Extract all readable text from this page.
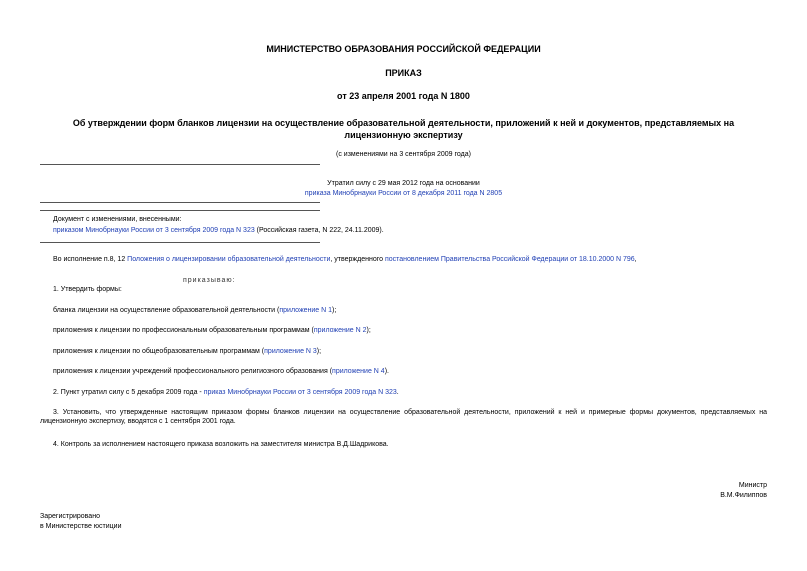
МИНИСТЕРСТВО ОБРАЗОВАНИЯ РОССИЙСКОЙ ФЕДЕРАЦИИ
ПРИКАЗ
от 23 апреля 2001 года N 1800
Об утверждении форм бланков лицензии на осуществление образовательной деятельности, приложений к ней и документов, представляемых на лицензионную экспертизу
(с изменениями на 3 сентября 2009 года)
Утратил силу с 29 мая 2012 года на основании
приказа Минобрнауки России от 8 декабря 2011 года N 2805
Документ с изменениями, внесенными:
приказом Минобрнауки России от 3 сентября 2009 года N 323 (Российская газета, N 222, 24.11.2009).
Во исполнение п.8, 12 Положения о лицензировании образовательной деятельности, утвержденного постановлением Правительства Российской Федерации от 18.10.2000 N 796,
приказываю:
1. Утвердить формы:
бланка лицензии на осуществление образовательной деятельности (приложение N 1);
приложения к лицензии по профессиональным образовательным программам (приложение N 2);
приложения к лицензии по общеобразовательным программам (приложение N 3);
приложения к лицензии учреждений профессионального религиозного образования (приложение N 4).
2. Пункт утратил силу с 5 декабря 2009 года - приказ Минобрнауки России от 3 сентября 2009 года N 323.
3. Установить, что утвержденные настоящим приказом формы бланков лицензии на осуществление образовательной деятельности, приложений к ней и примерные формы документов, представляемых на лицензионную экспертизу, вводятся с 1 сентября 2001 года.
4. Контроль за исполнением настоящего приказа возложить на заместителя министра В.Д.Шадрикова.
Министр
В.М.Филиппов
Зарегистрировано
в Министерстве юстиции
